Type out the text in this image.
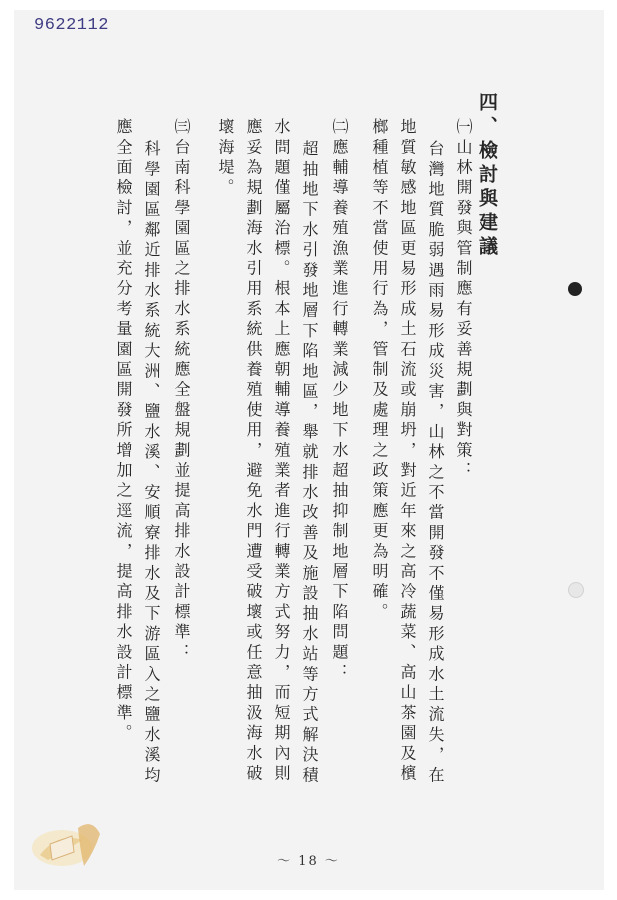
9622112
四、檢討與建議
㈠山林開發與管制應有妥善規劃與對策：
台灣地質脆弱遇雨易形成災害，山林之不當開發不僅易形成水土流失，在
地質敏感地區更易形成土石流或崩坍，對近年來之高冷蔬菜、高山茶園及檳
榔種植等不當使用行為，管制及處理之政策應更為明確。
㈡應輔導養殖漁業進行轉業減少地下水超抽抑制地層下陷問題：
超抽地下水引發地層下陷地區，舉就排水改善及施設抽水站等方式解決積
水問題僅屬治標。根本上應朝輔導養殖業者進行轉業方式努力，而短期內則
應妥為規劃海水引用系統供養殖使用，避免水門遭受破壞或任意抽汲海水破
壞海堤。
㈢台南科學園區之排水系統應全盤規劃並提高排水設計標準：
科學園區鄰近排水系統大洲、鹽水溪、安順寮排水及下游區入之鹽水溪均
應全面檢討，並充分考量園區開發所增加之逕流，提高排水設計標準。
～ 18 ～
